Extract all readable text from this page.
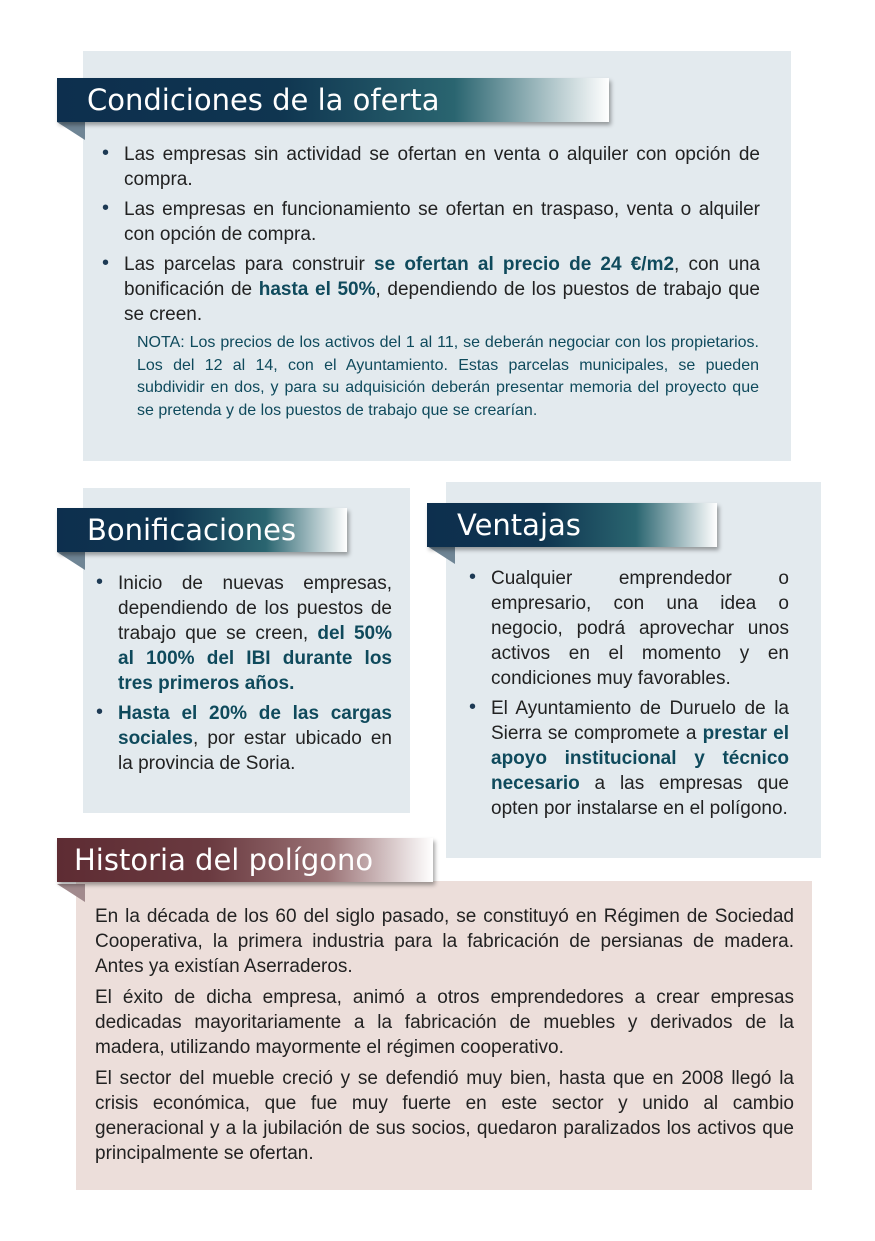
Condiciones de la oferta
• Las empresas sin actividad se ofertan en venta o alquiler con opción de compra.
• Las empresas en funcionamiento se ofertan en traspaso, venta o alquiler con opción de compra.
• Las parcelas para construir se ofertan al precio de 24 €/m2, con una bonificación de hasta el 50%, dependiendo de los puestos de trabajo que se creen.

NOTA: Los precios de los activos del 1 al 11, se deberán negociar con los propietarios. Los del 12 al 14, con el Ayuntamiento. Estas parcelas municipales, se pueden subdividir en dos, y para su adquisición deberán presentar memoria del proyecto que se pretenda y de los puestos de trabajo que se crearían.

Bonificaciones
• Inicio de nuevas empresas, dependiendo de los puestos de trabajo que se creen, del 50% al 100% del IBI durante los tres primeros años.
• Hasta el 20% de las cargas sociales, por estar ubicado en la provincia de Soria.
Ventajas
• Cualquier emprendedor o empresario, con una idea o negocio, podrá aprovechar unos activos en el momento y en condiciones muy favorables.
• El Ayuntamiento de Duruelo de la Sierra se compromete a prestar el apoyo institucional y técnico necesario a las empresas que opten por instalarse en el polígono.
Historia del polígono

En la década de los 60 del siglo pasado, se constituyó en Régimen de Sociedad Cooperativa, la primera industria para la fabricación de persianas de madera. Antes ya existían Aserraderos.

El éxito de dicha empresa, animó a otros emprendedores a crear empresas dedicadas mayoritariamente a la fabricación de muebles y derivados de la madera, utilizando mayormente el régimen cooperativo.

El sector del mueble creció y se defendió muy bien, hasta que en 2008 llegó la crisis económica, que fue muy fuerte en este sector y unido al cambio generacional y a la jubilación de sus socios, quedaron paralizados los activos que principalmente se ofertan.
